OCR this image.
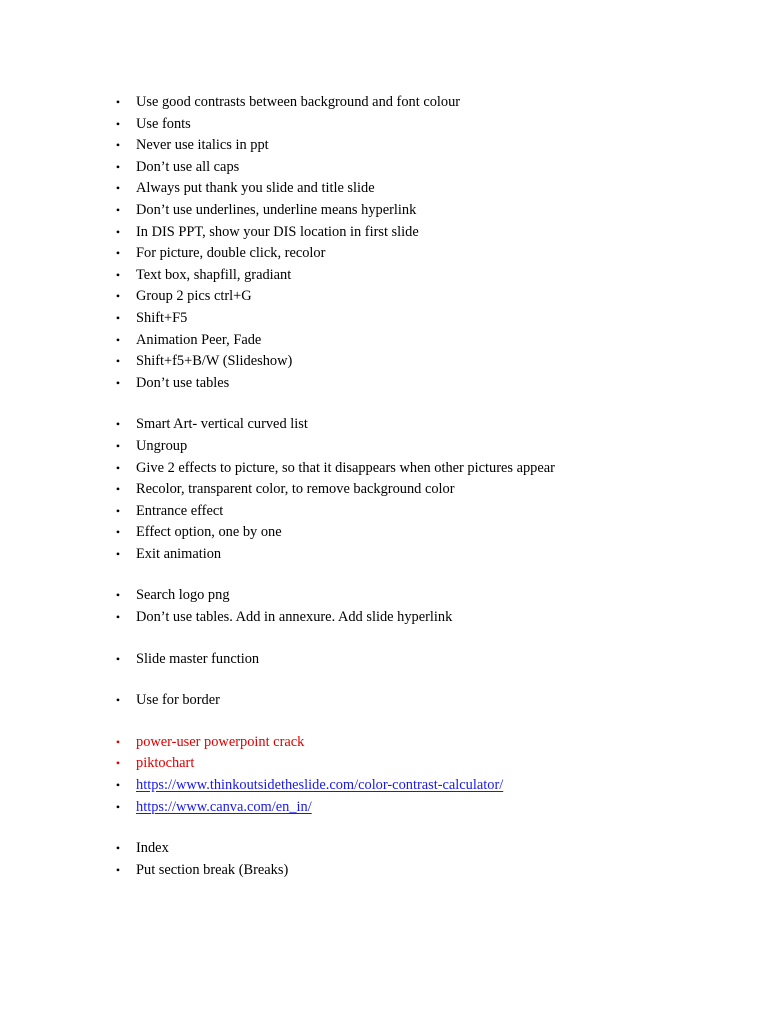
• Use good contrasts between background and font colour
• Use fonts
• Never use italics in ppt
• Don’t use all caps
• Always put thank you slide and title slide
• Don’t use underlines, underline means hyperlink
• In DIS PPT, show your DIS location in first slide
• For picture, double click, recolor
• Text box, shapfill, gradiant
• Group 2 pics ctrl+G
• Shift+F5
• Animation Peer, Fade
• Shift+f5+B/W (Slideshow)
• Don’t use tables
• Smart Art- vertical curved list
• Ungroup
• Give 2 effects to picture, so that it disappears when other pictures appear
• Recolor, transparent color, to remove background color
• Entrance effect
• Effect option, one by one
• Exit animation
• Search logo png
• Don’t use tables. Add in annexure. Add slide hyperlink
• Slide master function
• Use for border
• power-user powerpoint crack
• piktochart
• https://www.thinkoutsidetheslide.com/color-contrast-calculator/
• https://www.canva.com/en_in/
• Index
• Put section break (Breaks)
